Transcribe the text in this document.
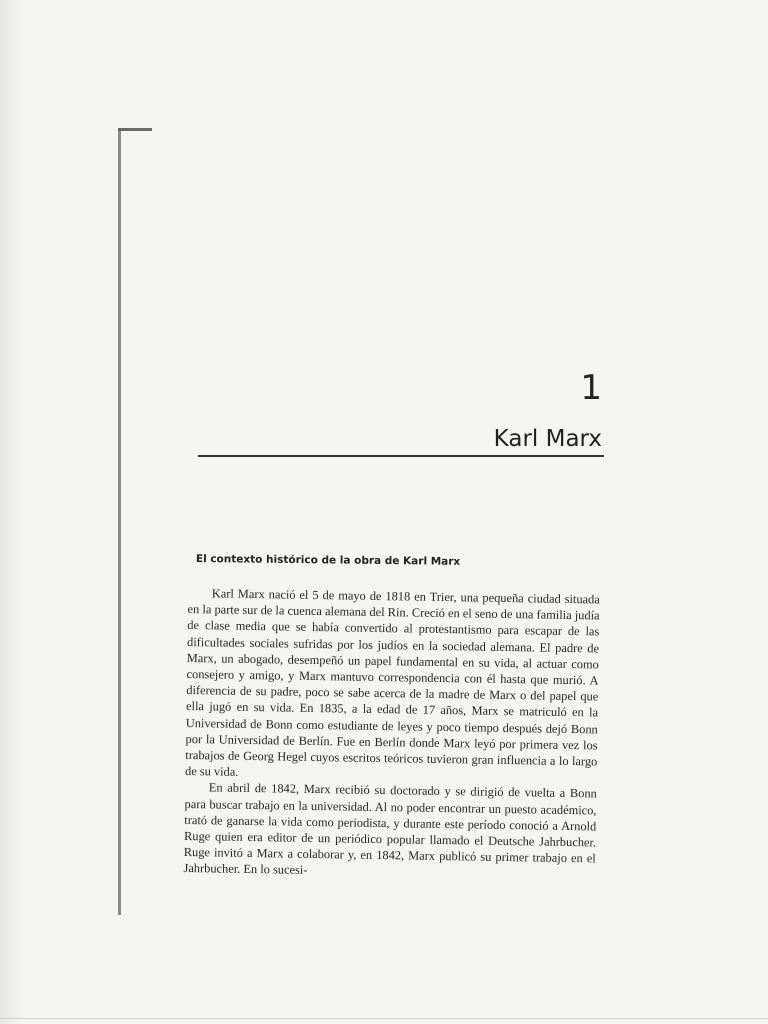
1
Karl Marx
El contexto histórico de la obra de Karl Marx

Karl Marx nació el 5 de mayo de 1818 en Trier, una pequeña ciudad situada en la parte sur de la cuenca alemana del Rin. Creció en el seno de una familia judía de clase media que se había convertido al protestantismo para escapar de las dificultades sociales sufridas por los judíos en la sociedad alemana. El padre de Marx, un abogado, desempeñó un papel fundamental en su vida, al actuar como consejero y amigo, y Marx mantuvo correspondencia con él hasta que murió. A diferencia de su padre, poco se sabe acerca de la madre de Marx o del papel que ella jugó en su vida. En 1835, a la edad de 17 años, Marx se matriculó en la Universidad de Bonn como estudiante de leyes y poco tiempo después dejó Bonn por la Universidad de Berlín. Fue en Berlín donde Marx leyó por primera vez los trabajos de Georg Hegel cuyos escritos teóricos tuvieron gran influencia a lo largo de su vida.

En abril de 1842, Marx recibió su doctorado y se dirigió de vuelta a Bonn para buscar trabajo en la universidad. Al no poder encontrar un puesto académico, trató de ganarse la vida como periodista, y durante este período conoció a Arnold Ruge quien era editor de un periódico popular llamado el Deutsche Jahrbucher. Ruge invitó a Marx a colaborar y, en 1842, Marx publicó su primer trabajo en el Jahrbucher. En lo sucesi-
